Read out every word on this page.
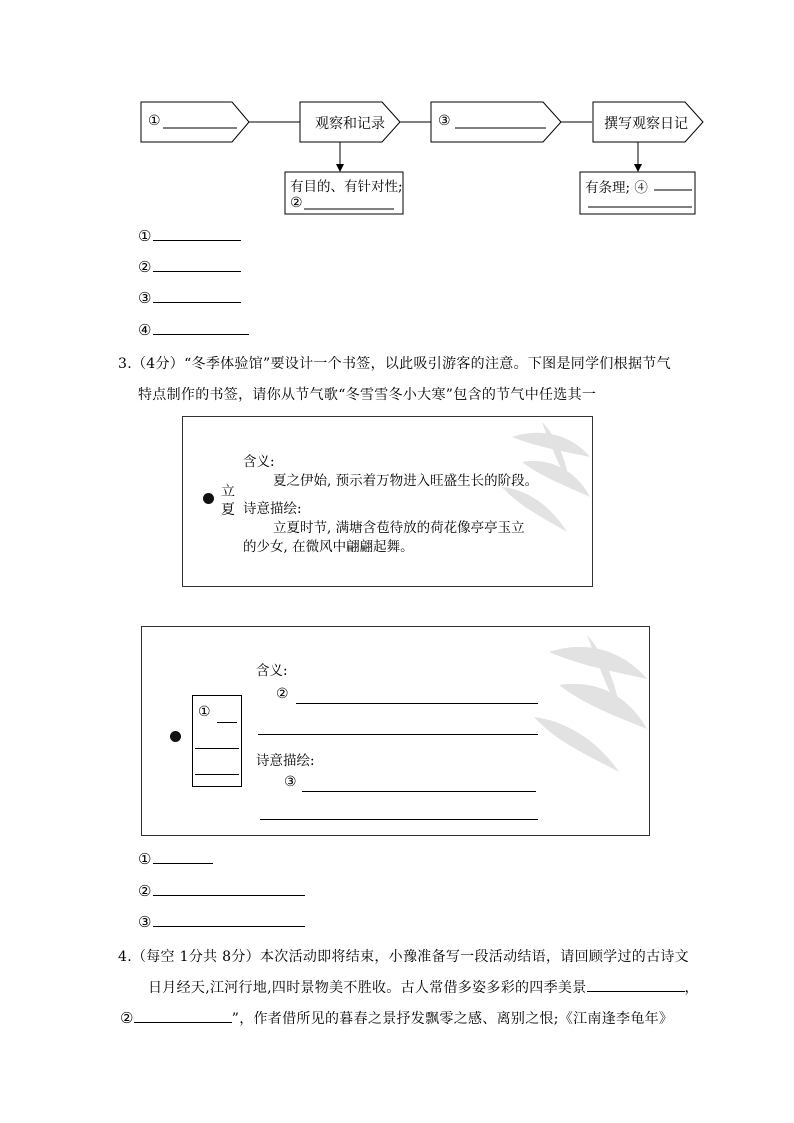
①	观察和记录	③	撰写观察日记
有目的、有针对性;
②
有条理; ④
①
②
③
④
3.（4分）“冬季体验馆”要设计一个书签，以此吸引游客的注意。下图是同学们根据节气
特点制作的书签，请你从节气歌“冬雪雪冬小大寒”包含的节气中任选其一
立
夏
含义:
夏之伊始, 预示着万物进入旺盛生长的阶段。
诗意描绘:
立夏时节, 满塘含苞待放的荷花像亭亭玉立
的少女, 在微风中翩翩起舞。
①
含义:
②
诗意描绘:
③
①
②
③
4.（每空 1分共 8分）本次活动即将结束，小豫准备写一段活动结语，请回顾学过的古诗文
日月经天,江河行地,四时景物美不胜收。古人常借多姿多彩的四季美景	，
②	”，作者借所见的暮春之景抒发飘零之感、离别之恨;《江南逢李龟年》
